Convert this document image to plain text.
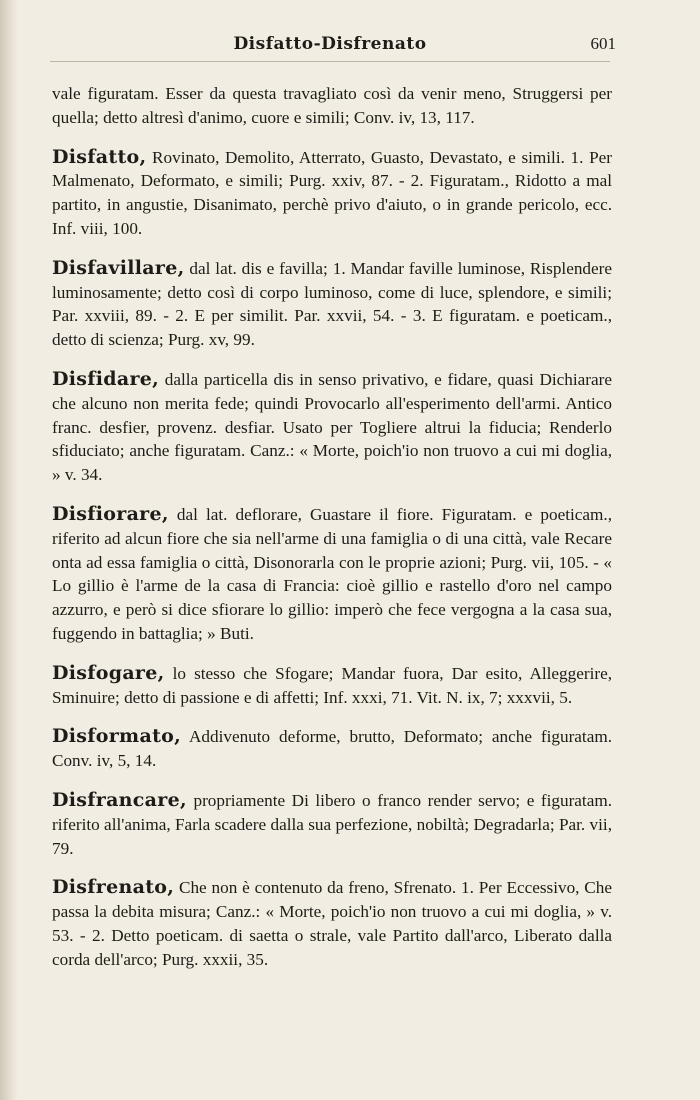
Disfatto-Disfrenato	601

vale figuratam. Esser da questa travagliato così da venir meno, Struggersi per quella; detto altresì d'animo, cuore e simili; Conv. iv, 13, 117.

Disfatto, Rovinato, Demolito, Atterrato, Guasto, Devastato, e simili. 1. Per Malmenato, Deformato, e simili; Purg. xxiv, 87. - 2. Figuratam., Ridotto a mal partito, in angustie, Disanimato, perchè privo d'aiuto, o in grande pericolo, ecc. Inf. viii, 100.

Disfavillare, dal lat. dis e favilla; 1. Mandar faville luminose, Risplendere luminosamente; detto così di corpo luminoso, come di luce, splendore, e simili; Par. xxviii, 89. - 2. E per similit. Par. xxvii, 54. - 3. E figuratam. e poeticam., detto di scienza; Purg. xv, 99.

Disfidare, dalla particella dis in senso privativo, e fidare, quasi Dichiarare che alcuno non merita fede; quindi Provocarlo all'esperimento dell'armi. Antico franc. desfier, provenz. desfiar. Usato per Togliere altrui la fiducia; Renderlo sfiduciato; anche figuratam. Canz.: « Morte, poich'io non truovo a cui mi doglia, » v. 34.

Disfiorare, dal lat. deflorare, Guastare il fiore. Figuratam. e poeticam., riferito ad alcun fiore che sia nell'arme di una famiglia o di una città, vale Recare onta ad essa famiglia o città, Disonorarla con le proprie azioni; Purg. vii, 105. - « Lo gillio è l'arme de la casa di Francia: cioè gillio e rastello d'oro nel campo azzurro, e però si dice sfiorare lo gillio: imperò che fece vergogna a la casa sua, fuggendo in battaglia; » Buti.

Disfogare, lo stesso che Sfogare; Mandar fuora, Dar esito, Alleggerire, Sminuire; detto di passione e di affetti; Inf. xxxi, 71. Vit. N. ix, 7; xxxvii, 5.

Disformato, Addivenuto deforme, brutto, Deformato; anche figuratam. Conv. iv, 5, 14.

Disfrancare, propriamente Di libero o franco render servo; e figuratam. riferito all'anima, Farla scadere dalla sua perfezione, nobiltà; Degradarla; Par. vii, 79.

Disfrenato, Che non è contenuto da freno, Sfrenato. 1. Per Eccessivo, Che passa la debita misura; Canz.: « Morte, poich'io non truovo a cui mi doglia, » v. 53. - 2. Detto poeticam. di saetta o strale, vale Partito dall'arco, Liberato dalla corda dell'arco; Purg. xxxii, 35.
